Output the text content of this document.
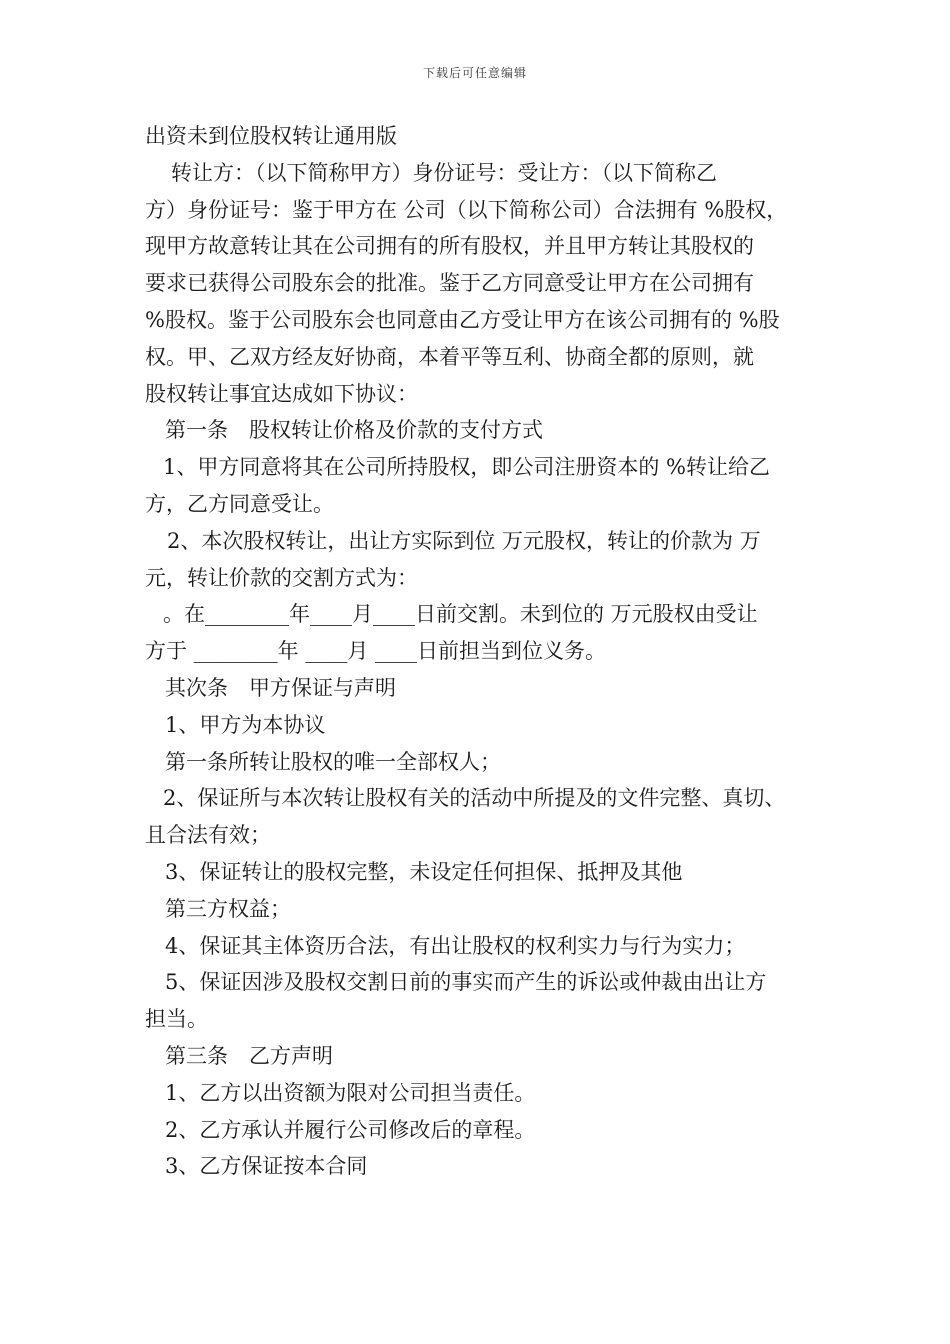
下载后可任意编辑
出资未到位股权转让通用版
转让方：（以下简称甲方）身份证号：受让方：（以下简称乙
方）身份证号：鉴于甲方在 公司（以下简称公司）合法拥有 %股权，
现甲方故意转让其在公司拥有的所有股权，并且甲方转让其股权的
要求已获得公司股东会的批准。鉴于乙方同意受让甲方在公司拥有
%股权。鉴于公司股东会也同意由乙方受让甲方在该公司拥有的 %股
权。甲、乙双方经友好协商，本着平等互利、协商全都的原则，就
股权转让事宜达成如下协议：
第一条　股权转让价格及价款的支付方式
1、甲方同意将其在公司所持股权，即公司注册资本的 %转让给乙
方，乙方同意受让。
2、本次股权转让，出让方实际到位 万元股权，转让的价款为 万
元，转让价款的交割方式为：
。在________年____月____日前交割。未到位的 万元股权由受让
方于 ________年 ____月 ____日前担当到位义务。
其次条　甲方保证与声明
1、甲方为本协议
第一条所转让股权的唯一全部权人；
2、保证所与本次转让股权有关的活动中所提及的文件完整、真切、
且合法有效；
3、保证转让的股权完整，未设定任何担保、抵押及其他
第三方权益；
4、保证其主体资历合法，有出让股权的权利实力与行为实力；
5、保证因涉及股权交割日前的事实而产生的诉讼或仲裁由出让方
担当。
第三条　乙方声明
1、乙方以出资额为限对公司担当责任。
2、乙方承认并履行公司修改后的章程。
3、乙方保证按本合同
